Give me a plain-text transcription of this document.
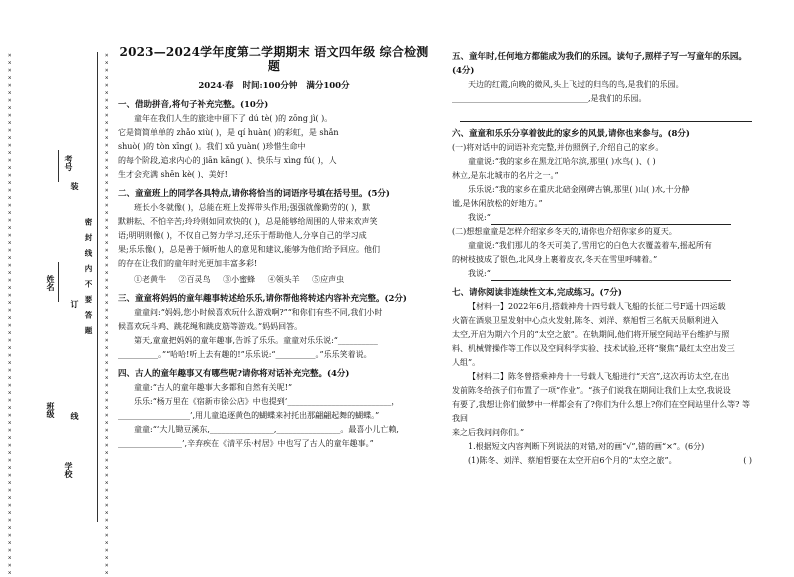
××××××××××××××××××××××××××××××××××××××××××××××××××××××××××××××××××××××	××××××××××××××××××××××××××××××××××××××××××××××××××××××××××××××××××××××
考号
姓名
班级
学校
装
订
线
密封线内不要答题
2023—2024学年度第二学期期末 语文四年级 综合检测题
2024·春 时间:100分钟 满分100分
一、借助拼音,将句子补充完整。(10分)

童年在我们人生的旅途中留下了 dú tè( )的 zōng jì( )。

它是简简单单的 zhǎo xiù( )，是 qí huàn( )的彩虹，是 shǎn

shuò( )的 tòn xīng( )。我们 xǔ yuàn( )珍惜生命中

的每个阶段,追求内心的 jiān kāng( )、快乐与 xìng fú( )，人

生才会充满 shēn kè( )、美好!

二、童童班上的同学各具特点,请你将恰当的词语序号填在括号里。(5分)

班长小冬就像( )，总能在班上发挥带头作用;强强就像勤劳的( )，默

默耕耘、不怕辛苦;玲玲则如同欢快的( )，总是能够给周围的人带来欢声笑

语;明明则像( )，不仅自己努力学习,还乐于帮助他人,分享自己的学习成

果;乐乐像( )，总是善于倾听他人的意见和建议,能够为他们给予回应。他们

的存在让我们的童年时光更加丰富多彩!

①老黄牛 ②百灵鸟 ③小蜜蜂 ④领头羊 ⑤应声虫

三、童童将妈妈的童年趣事转述给乐乐,请你帮他将转述内容补充完整。(2分)

童童问:“妈妈,您小时候喜欢玩什么游戏啊?”“和你们有些不同,我们小时

候喜欢玩斗鸡、跳花绳和跳皮筋等游戏。”妈妈回答。

第天,童童把妈妈的童年趣事,告诉了乐乐。童童对乐乐说:“__________

__________。”“哈哈!听上去有趣的!”乐乐说:“__________。”乐乐笑着说。

四、古人的童年趣事又有哪些呢?请你将对话补充完整。(4分)

童童:“古人的童年趣事大多都和自然有关呢!”

乐乐:“杨万里在《宿新市徐公店》中也提到‘__________________________，

__________________’,用儿童追逐黄色的蝴蝶来衬托出那翩翩起舞的蝴蝶。”

童童:“‘大儿锄豆溪东,________________,________________。最喜小儿亡赖,

________________’,辛弃疾在《清平乐·村居》中也写了古人的童年趣事。”

五、童年时,任何地方都能成为我们的乐园。读句子,照样子写一写童年的乐园。(4分)

天边的红霞,向晚的微风,头上飞过的归鸟的鸟,是我们的乐园。

__________________________________,是我们的乐园。

六、童童和乐乐分享着彼此的家乡的风景,请你也来参与。(8分)

(一)将对话中的词语补充完整,并仿照例子,介绍自己的家乡。

童童说:“我的家乡在黑龙江哈尔滨,那里( )水鸟( )、( )

林立,是东北城市的名片之一。”

乐乐说:“我的家乡在重庆北碚金刚碑古镇,那里( )山( )水,十分静

谧,是休闲放松的好地方。”

我说:“

(二)想想童童是怎样介绍家乡冬天的,请你也介绍你家乡的夏天。

童童说:“我们那儿的冬天可美了,雪用它的白色大衣覆盖着车,摇起所有

的树枝披成了银色,北风身上裹着皮衣,冬天在雪里呼啸着。”

我说:“

七、请你阅读非连续性文本,完成练习。(7分)

【材料一】2022年6月,搭载神舟十四号载人飞船的长征二号F遥十四运载

火箭在酒泉卫星发射中心点火发射,陈冬、刘洋、蔡旭哲三名航天员顺利进入

太空,开启为期六个月的“太空之旅”。在轨期间,他们将开展空间站平台维护与照

料、机械臂操作等工作以及空间科学实验、技术试验,还将“聚焦”最红太空出发三

人组”。

【材料二】陈冬曾搭乘神舟十一号载人飞船进行“天宫”,这次再访太空,在出

发前陈冬给孩子们布置了一项“作业”。“孩子们说我在期间让我们上太空,我说设

有要了,我想让你们做梦中一样都会有了?你们为什么想上?你们在空间站里什么等? 等我回

来之后我问问你们。”

1.根据短文内容判断下列说法的对错,对的画“√”,错的画“×”。(6分)

(1)陈冬、刘洋、蔡旭哲要在太空开启6个月的“太空之旅”。	( )
